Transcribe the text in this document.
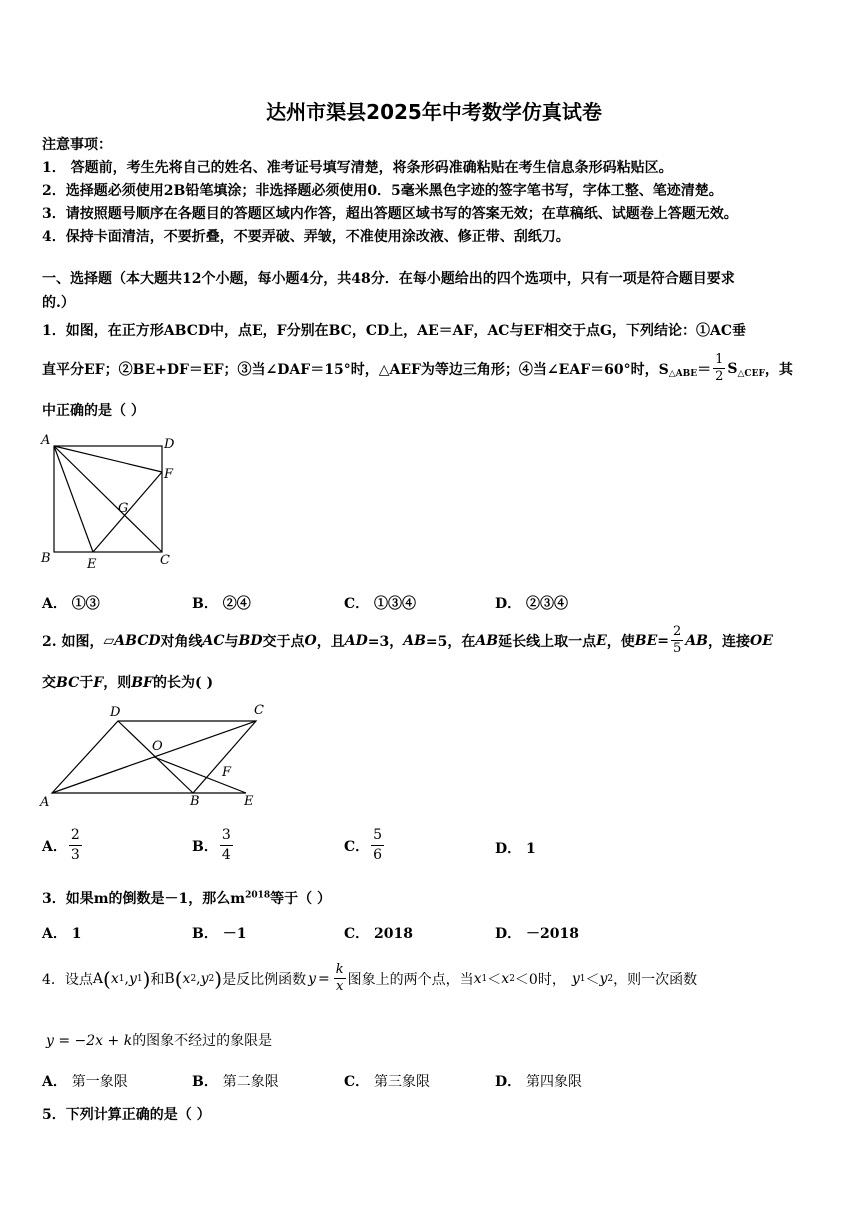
达州市渠县2025年中考数学仿真试卷
注意事项：
1． 答题前，考生先将自己的姓名、准考证号填写清楚，将条形码准确粘贴在考生信息条形码粘贴区。
2．选择题必须使用2B铅笔填涂；非选择题必须使用0．5毫米黑色字迹的签字笔书写，字体工整、笔迹清楚。
3．请按照题号顺序在各题目的答题区域内作答，超出答题区域书写的答案无效；在草稿纸、试题卷上答题无效。
4．保持卡面清洁，不要折叠，不要弄破、弄皱，不准使用涂改液、修正带、刮纸刀。
一、选择题（本大题共12个小题，每小题4分，共48分．在每小题给出的四个选项中，只有一项是符合题目要求
的.）
1．如图，在正方形ABCD中，点E，F分别在BC，CD上，AE＝AF，AC与EF相交于点G，下列结论：①AC垂
直平分EF；②BE+DF＝EF；③当∠DAF＝15°时，△AEF为等边三角形；④当∠EAF＝60°时，$S_{\triangle ABE} = \frac{1}{2} S_{\triangle CEF}$ ，其
中正确的是（ ）
A	D
F
G
B	E	C
A． ①③	B． ②④	C． ①③④	D． ②③④
2. 如图， ▱ABCD 对角线 AC 与 BD 交于点 O ，且 AD =3， AB =5，在 AB 延长线上取一点 E ，使 BE = $\frac{2}{5}$ AB ，连接 OE
交BC于F，则BF的长为( )
A
D	C
O
F
B	E
A． $\frac{2}{3}$	B． $\frac{3}{4}$	C． $\frac{5}{6}$	D． 1
3．如果m的倒数是－1，那么$m^{2018}$等于（ ）
A． 1	B． －1	C． 2018	D． －2018
4．设点 A ( x 1 , y 1 ) 和 B ( x 2 , y 2 ) 是反比例函数 $y = \frac{k}{x}$ 图象上的两个点，当 x 1 ＜ x 2 ＜0时， y 1 ＜ y 2 ，则一次函数
y = −2x + k的图象不经过的象限是
A． 第一象限	B． 第二象限	C． 第三象限	D． 第四象限
5．下列计算正确的是（ ）
